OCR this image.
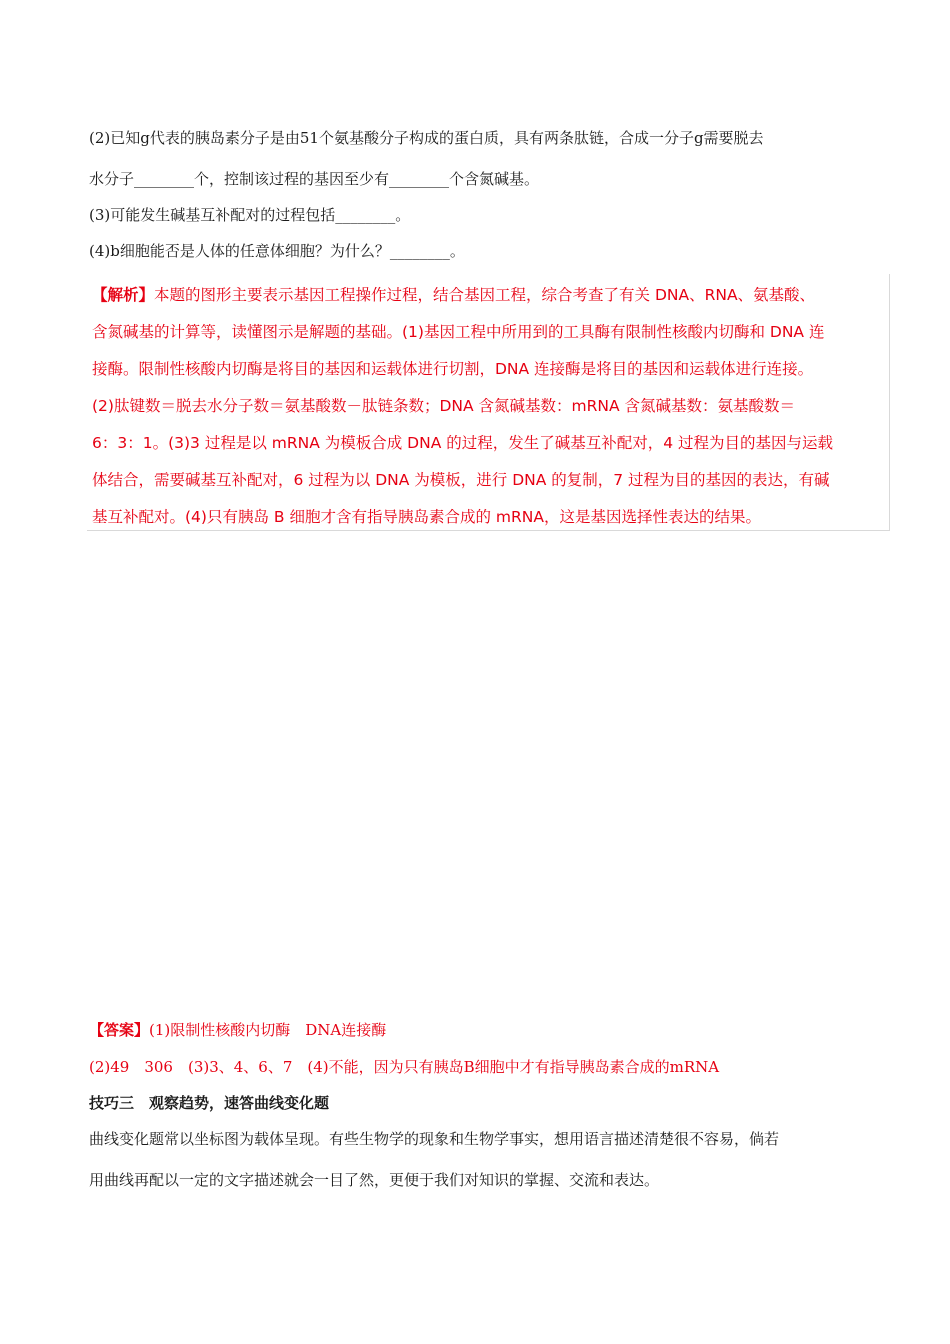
(2)已知g代表的胰岛素分子是由51个氨基酸分子构成的蛋白质，具有两条肽链，合成一分子g需要脱去
水分子________个，控制该过程的基因至少有________个含氮碱基。
(3)可能发生碱基互补配对的过程包括________。
(4)b细胞能否是人体的任意体细胞？为什么？________。
【解析】本题的图形主要表示基因工程操作过程，结合基因工程，综合考查了有关 DNA、RNA、氨基酸、
含氮碱基的计算等，读懂图示是解题的基础。(1)基因工程中所用到的工具酶有限制性核酸内切酶和 DNA 连
接酶。限制性核酸内切酶是将目的基因和运载体进行切割，DNA 连接酶是将目的基因和运载体进行连接。
(2)肽键数＝脱去水分子数＝氨基酸数－肽链条数；DNA 含氮碱基数：mRNA 含氮碱基数：氨基酸数＝
6：3：1。(3)3 过程是以 mRNA 为模板合成 DNA 的过程，发生了碱基互补配对，4 过程为目的基因与运载
体结合，需要碱基互补配对，6 过程为以 DNA 为模板，进行 DNA 的复制，7 过程为目的基因的表达，有碱
基互补配对。(4)只有胰岛 B 细胞才含有指导胰岛素合成的 mRNA，这是基因选择性表达的结果。
【答案】(1)限制性核酸内切酶　DNA连接酶
(2)49　306　(3)3、4、6、7　(4)不能，因为只有胰岛B细胞中才有指导胰岛素合成的mRNA
技巧三　观察趋势，速答曲线变化题
曲线变化题常以坐标图为载体呈现。有些生物学的现象和生物学事实，想用语言描述清楚很不容易，倘若
用曲线再配以一定的文字描述就会一目了然，更便于我们对知识的掌握、交流和表达。
